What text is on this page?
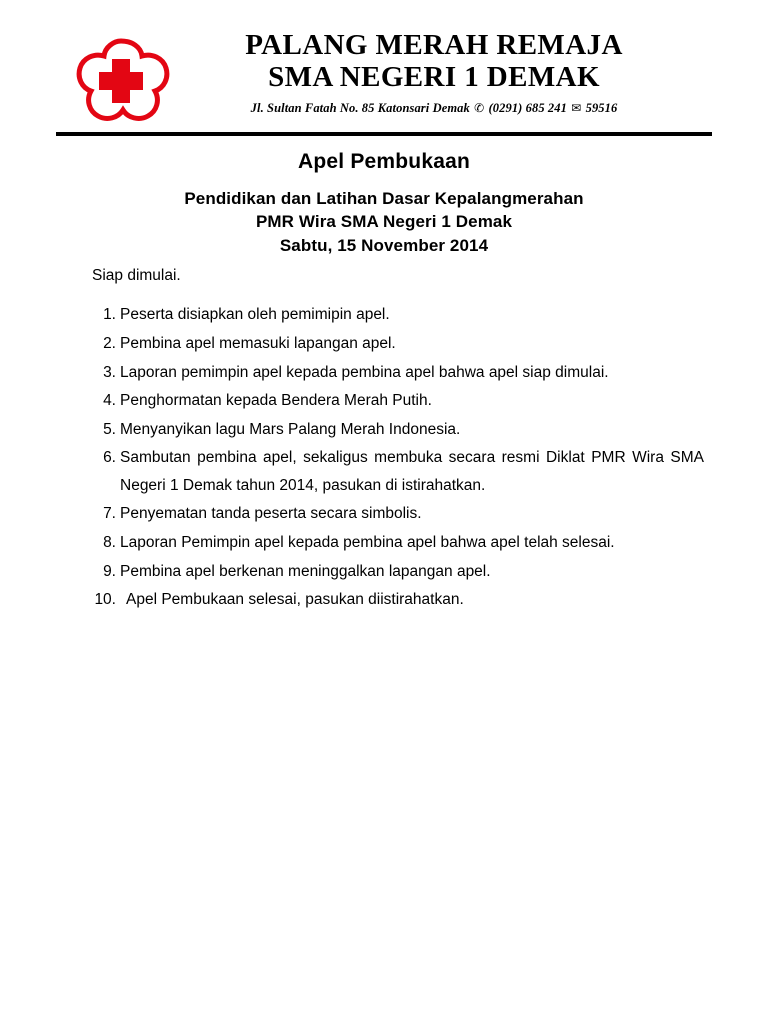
PALANG MERAH REMAJA
SMA NEGERI 1 DEMAK
Jl. Sultan Fatah No. 85 Katonsari Demak ✆ (0291) 685 241 ✉ 59516
Apel Pembukaan
Pendidikan dan Latihan Dasar Kepalangmerahan
PMR Wira SMA Negeri 1 Demak
Sabtu, 15 November 2014
Siap dimulai.
1. Peserta disiapkan oleh pemimipin apel.
2. Pembina apel memasuki lapangan apel.
3. Laporan pemimpin apel kepada pembina apel bahwa apel siap dimulai.
4. Penghormatan kepada Bendera Merah Putih.
5. Menyanyikan lagu Mars Palang Merah Indonesia.
6. Sambutan pembina apel, sekaligus membuka secara resmi Diklat PMR Wira SMA Negeri 1 Demak tahun 2014, pasukan di istirahatkan.
7. Penyematan tanda peserta secara simbolis.
8. Laporan Pemimpin apel kepada pembina apel bahwa apel telah selesai.
9. Pembina apel berkenan meninggalkan lapangan apel.
10. Apel Pembukaan selesai, pasukan diistirahatkan.
